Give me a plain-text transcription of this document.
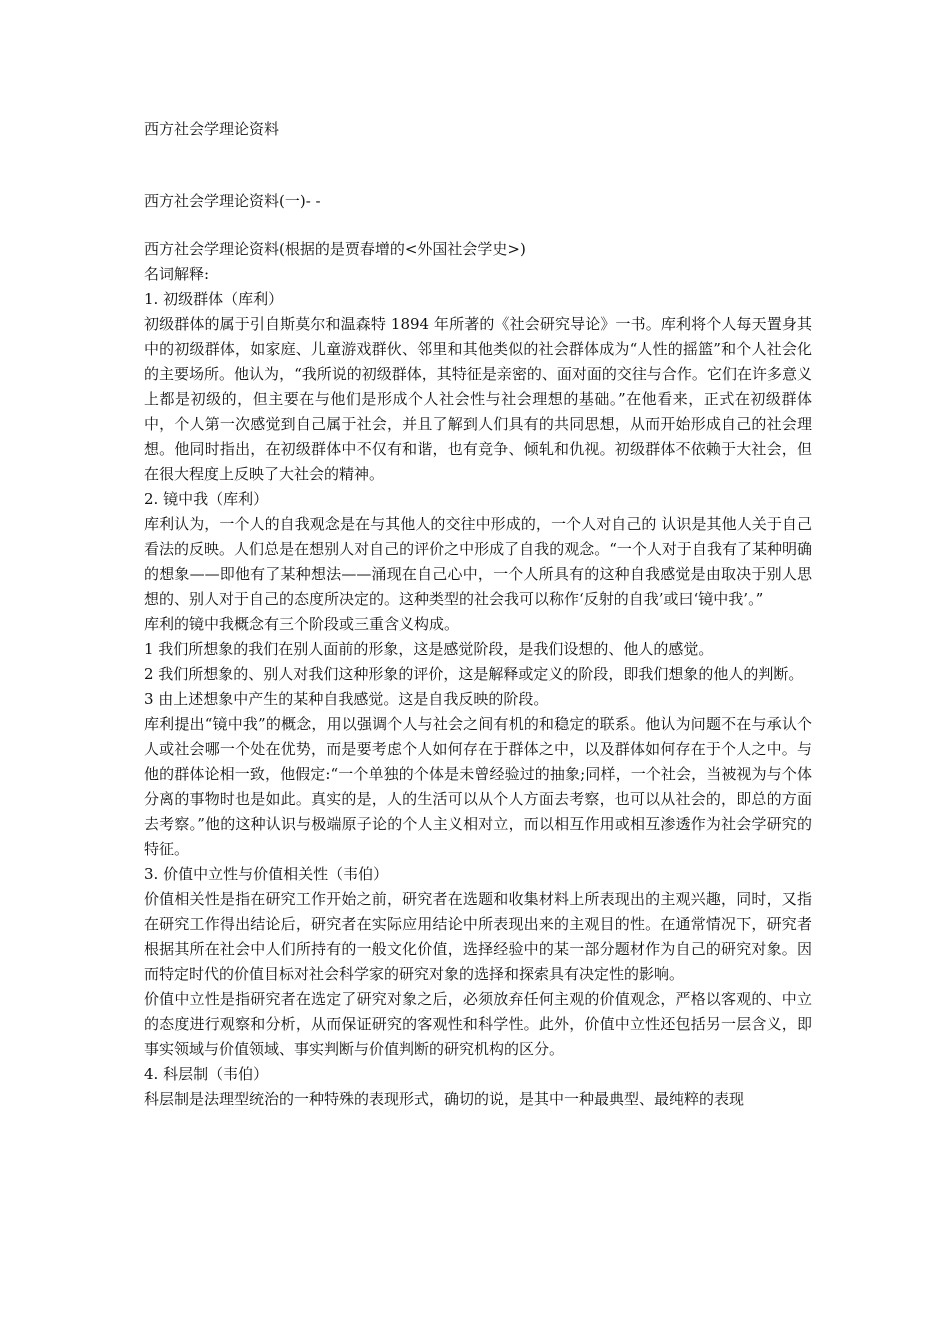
西方社会学理论资料
西方社会学理论资料(一)- -

西方社会学理论资料(根据的是贾春增的<外国社会学史>)

名词解释:

1. 初级群体（库利）

初级群体的属于引自斯莫尔和温森特 1894 年所著的《社会研究导论》一书。库利将个人每天置身其中的初级群体，如家庭、儿童游戏群伙、邻里和其他类似的社会群体成为“人性的摇篮”和个人社会化的主要场所。他认为，“我所说的初级群体，其特征是亲密的、面对面的交往与合作。它们在许多意义上都是初级的，但主要在与他们是形成个人社会性与社会理想的基础。”在他看来，正式在初级群体中，个人第一次感觉到自己属于社会，并且了解到人们具有的共同思想，从而开始形成自己的社会理想。他同时指出，在初级群体中不仅有和谐，也有竞争、倾轧和仇视。初级群体不依赖于大社会，但在很大程度上反映了大社会的精神。

2. 镜中我（库利）

库利认为，一个人的自我观念是在与其他人的交往中形成的，一个人对自己的 认识是其他人关于自己看法的反映。人们总是在想别人对自己的评价之中形成了自我的观念。“一个人对于自我有了某种明确的想象——即他有了某种想法——涌现在自己心中，一个人所具有的这种自我感觉是由取决于别人思想的、别人对于自己的态度所决定的。这种类型的社会我可以称作‘反射的自我’或曰‘镜中我’。”

库利的镜中我概念有三个阶段或三重含义构成。

1 我们所想象的我们在别人面前的形象，这是感觉阶段，是我们设想的、他人的感觉。

2 我们所想象的、别人对我们这种形象的评价，这是解释或定义的阶段，即我们想象的他人的判断。

3 由上述想象中产生的某种自我感觉。这是自我反映的阶段。

库利提出“镜中我”的概念，用以强调个人与社会之间有机的和稳定的联系。他认为问题不在与承认个人或社会哪一个处在优势，而是要考虑个人如何存在于群体之中，以及群体如何存在于个人之中。与他的群体论相一致，他假定:“一个单独的个体是未曾经验过的抽象;同样，一个社会，当被视为与个体分离的事物时也是如此。真实的是，人的生活可以从个人方面去考察，也可以从社会的，即总的方面去考察。”他的这种认识与极端原子论的个人主义相对立，而以相互作用或相互渗透作为社会学研究的特征。

3. 价值中立性与价值相关性（韦伯）

价值相关性是指在研究工作开始之前，研究者在选题和收集材料上所表现出的主观兴趣，同时，又指在研究工作得出结论后，研究者在实际应用结论中所表现出来的主观目的性。在通常情况下，研究者根据其所在社会中人们所持有的一般文化价值，选择经验中的某一部分题材作为自己的研究对象。因而特定时代的价值目标对社会科学家的研究对象的选择和探索具有决定性的影响。

价值中立性是指研究者在选定了研究对象之后，必须放弃任何主观的价值观念，严格以客观的、中立的态度进行观察和分析，从而保证研究的客观性和科学性。此外，价值中立性还包括另一层含义，即事实领域与价值领域、事实判断与价值判断的研究机构的区分。

4. 科层制（韦伯）

科层制是法理型统治的一种特殊的表现形式，确切的说，是其中一种最典型、最纯粹的表现
